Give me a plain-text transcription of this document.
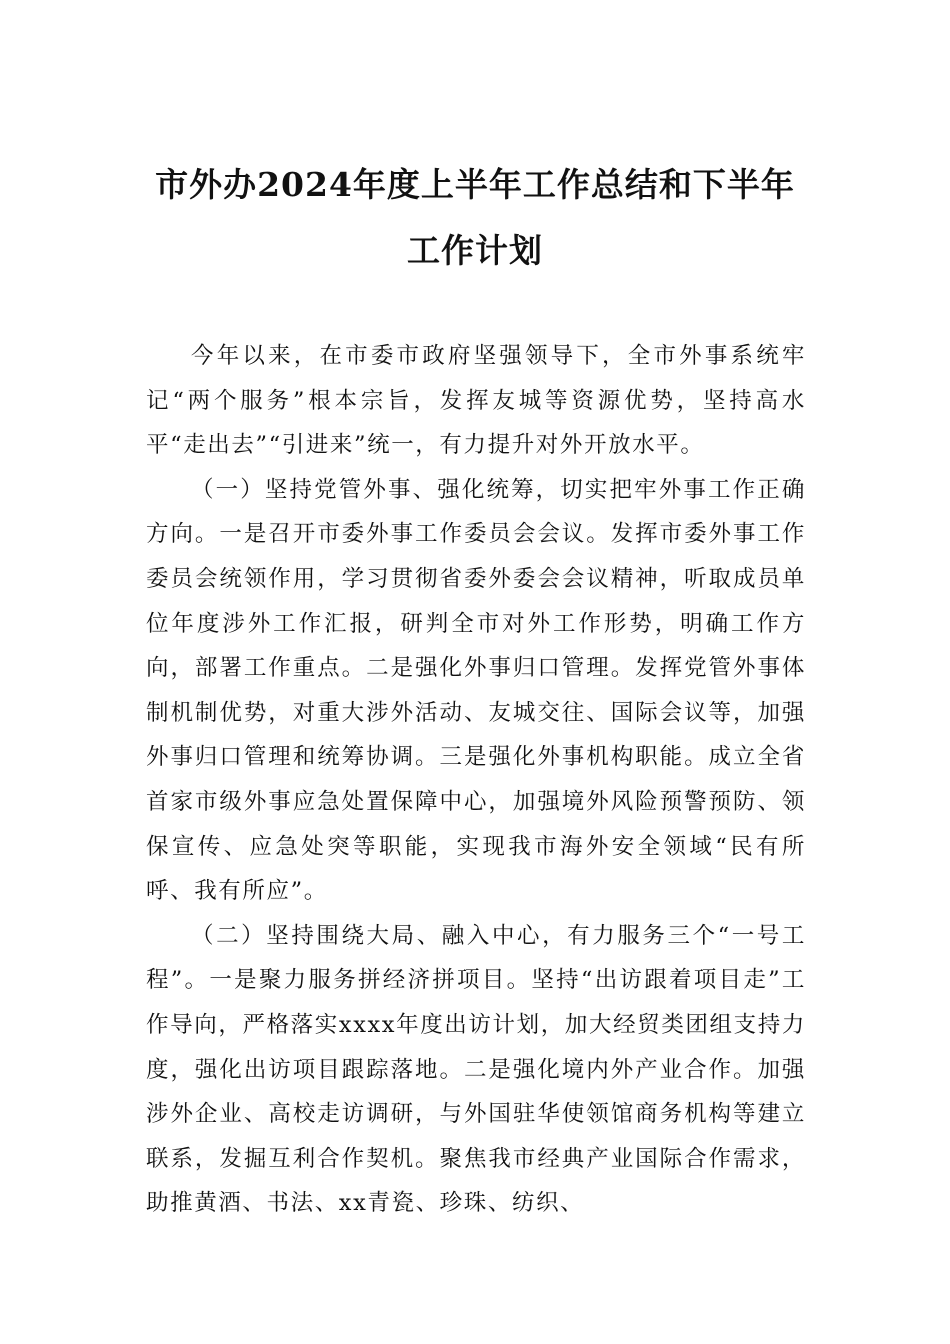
市外办2024年度上半年工作总结和下半年
工作计划

今年以来，在市委市政府坚强领导下，全市外事系统牢记“两个服务”根本宗旨，发挥友城等资源优势，坚持高水平“走出去”“引进来”统一，有力提升对外开放水平。

（一）坚持党管外事、强化统筹，切实把牢外事工作正确方向。一是召开市委外事工作委员会会议。发挥市委外事工作委员会统领作用，学习贯彻省委外委会会议精神，听取成员单位年度涉外工作汇报，研判全市对外工作形势，明确工作方向，部署工作重点。二是强化外事归口管理。发挥党管外事体制机制优势，对重大涉外活动、友城交往、国际会议等，加强外事归口管理和统筹协调。三是强化外事机构职能。成立全省首家市级外事应急处置保障中心，加强境外风险预警预防、领保宣传、应急处突等职能，实现我市海外安全领域“民有所呼、我有所应”。

（二）坚持围绕大局、融入中心，有力服务三个“一号工程”。一是聚力服务拼经济拼项目。坚持“出访跟着项目走”工作导向，严格落实xxxx年度出访计划，加大经贸类团组支持力度，强化出访项目跟踪落地。二是强化境内外产业合作。加强涉外企业、高校走访调研，与外国驻华使领馆商务机构等建立联系，发掘互利合作契机。聚焦我市经典产业国际合作需求，助推黄酒、书法、xx青瓷、珍珠、纺织、
